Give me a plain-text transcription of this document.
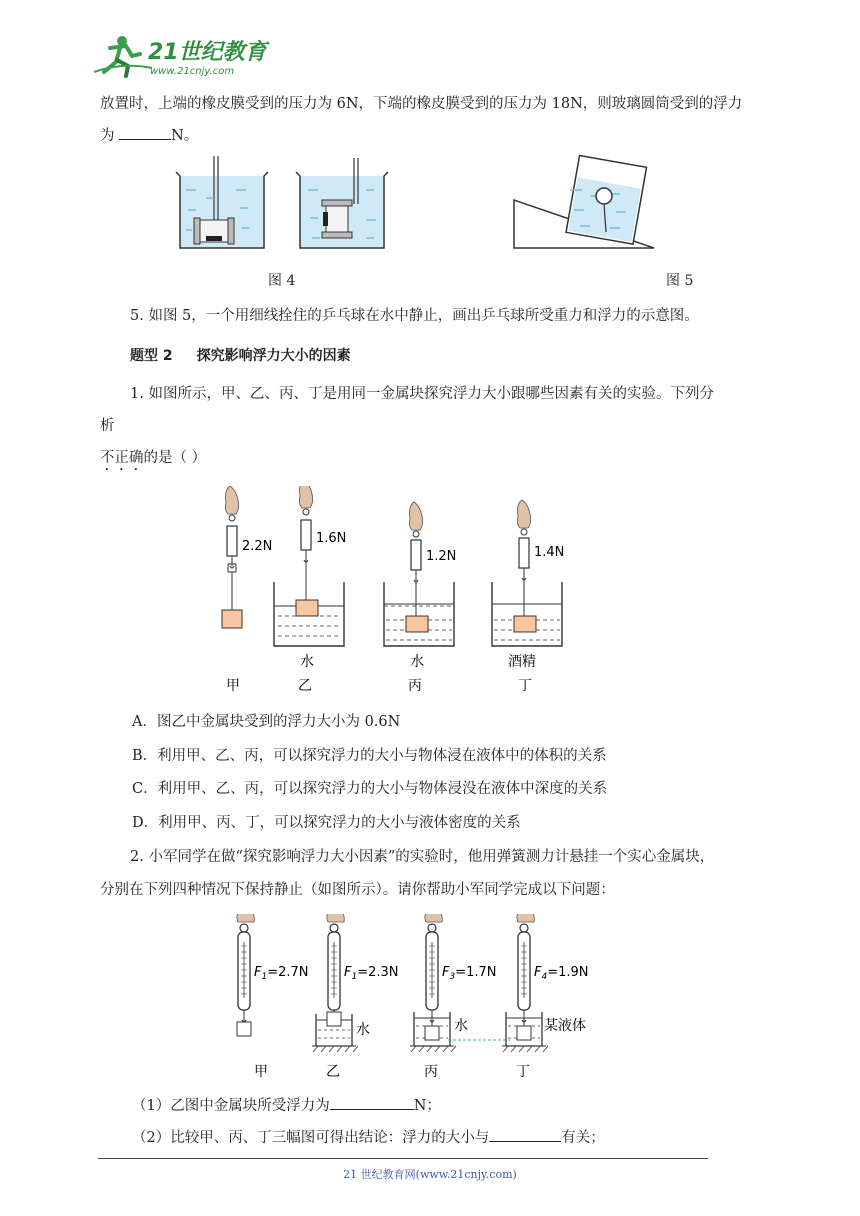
21世纪教育
www.21cnjy.com
放置时，上端的橡皮膜受到的压力为 6N，下端的橡皮膜受到的压力为 18N，则玻璃圆筒受到的浮力
为	N。
图 4	图 5
5. 如图 5，一个用细线拴住的乒乓球在水中静止，画出乒乓球所受重力和浮力的示意图。
题型 2 探究影响浮力大小的因素
1. 如图所示，甲、乙、丙、丁是用同一金属块探究浮力大小跟哪些因素有关的实验。下列分
析
不正确的是（ ）
2.2N
甲
1.6N
水
乙
1.2N
水
丙
1.4N
酒精
丁
A．图乙中金属块受到的浮力大小为 0.6N
B．利用甲、乙、丙，可以探究浮力的大小与物体浸在液体中的体积的关系
C．利用甲、乙、丙，可以探究浮力的大小与物体浸没在液体中深度的关系
D．利用甲、丙、丁，可以探究浮力的大小与液体密度的关系
2. 小军同学在做“探究影响浮力大小因素”的实验时，他用弹簧测力计悬挂一个实心金属块，
分别在下列四种情况下保持静止（如图所示）。请你帮助小军同学完成以下问题：
$F_1=2.7N$
甲
$F_1=2.3N$
水
乙
$F_3=1.7N$
水
丙
$F_4=1.9N$
某液体
丁
（1）乙图中金属块所受浮力为	N；
（2）比较甲、丙、丁三幅图可得出结论：浮力的大小与	有关；
21 世纪教育网(www.21cnjy.com)
